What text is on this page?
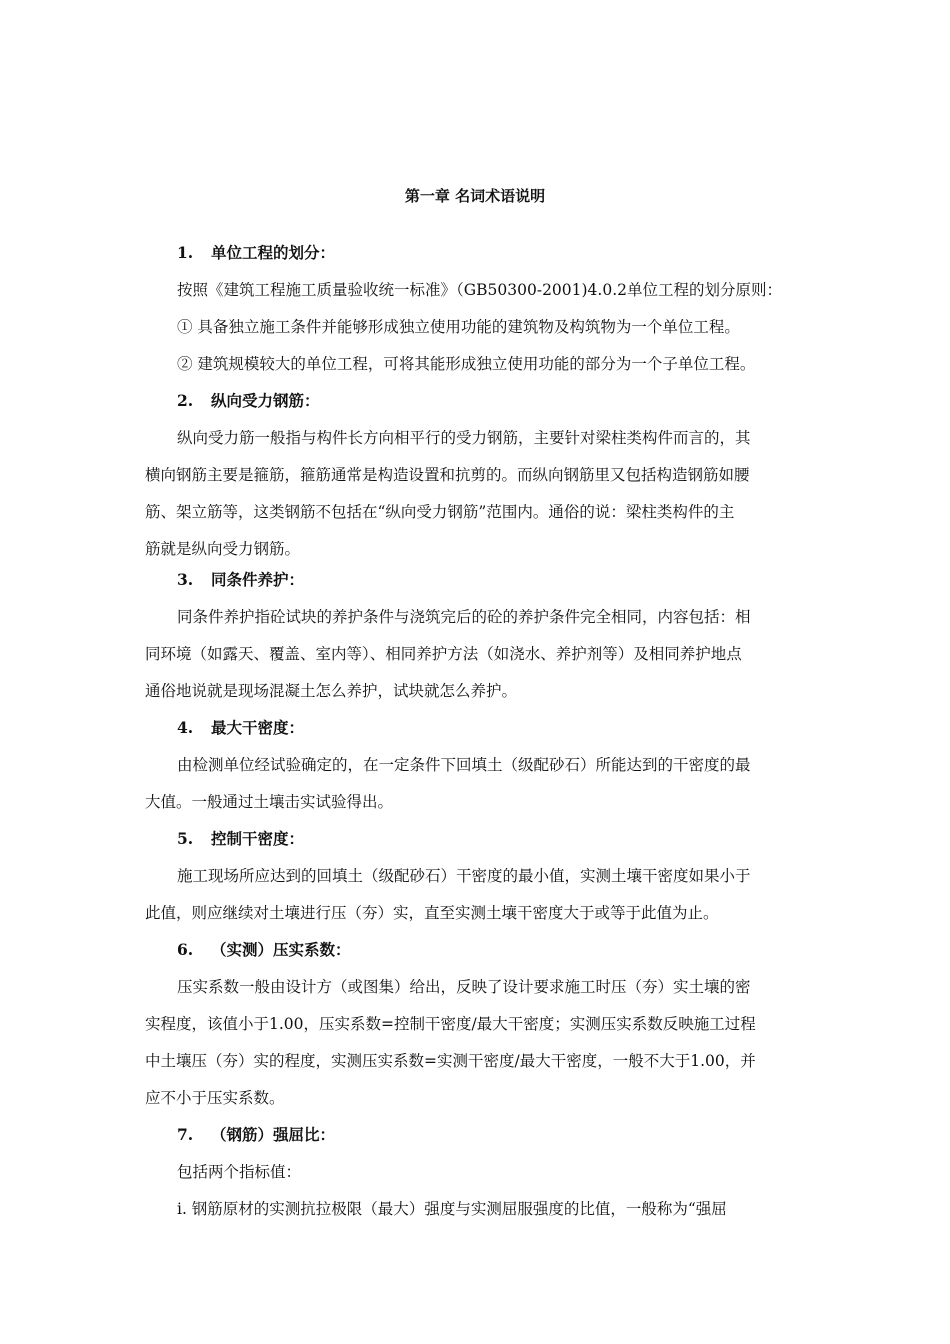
第一章 名词术语说明
1. 单位工程的划分：
按照《建筑工程施工质量验收统一标准》（GB50300-2001)4.0.2单位工程的划分原则：
① 具备独立施工条件并能够形成独立使用功能的建筑物及构筑物为一个单位工程。
② 建筑规模较大的单位工程，可将其能形成独立使用功能的部分为一个子单位工程。
2. 纵向受力钢筋：
纵向受力筋一般指与构件长方向相平行的受力钢筋，主要针对梁柱类构件而言的，其
横向钢筋主要是箍筋，箍筋通常是构造设置和抗剪的。而纵向钢筋里又包括构造钢筋如腰
筋、架立筋等，这类钢筋不包括在“纵向受力钢筋”范围内。通俗的说：梁柱类构件的主
筋就是纵向受力钢筋。
3. 同条件养护：
同条件养护指砼试块的养护条件与浇筑完后的砼的养护条件完全相同，内容包括：相
同环境（如露天、覆盖、室内等）、相同养护方法（如浇水、养护剂等）及相同养护地点
通俗地说就是现场混凝土怎么养护，试块就怎么养护。
4. 最大干密度：
由检测单位经试验确定的，在一定条件下回填土（级配砂石）所能达到的干密度的最
大值。一般通过土壤击实试验得出。
5. 控制干密度：
施工现场所应达到的回填土（级配砂石）干密度的最小值，实测土壤干密度如果小于
此值，则应继续对土壤进行压（夯）实，直至实测土壤干密度大于或等于此值为止。
6. （实测）压实系数：
压实系数一般由设计方（或图集）给出，反映了设计要求施工时压（夯）实土壤的密
实程度，该值小于1.00，压实系数=控制干密度/最大干密度；实测压实系数反映施工过程
中土壤压（夯）实的程度，实测压实系数=实测干密度/最大干密度，一般不大于1.00，并
应不小于压实系数。
7. （钢筋）强屈比：
包括两个指标值：
i. 钢筋原材的实测抗拉极限（最大）强度与实测屈服强度的比值，一般称为“强屈
